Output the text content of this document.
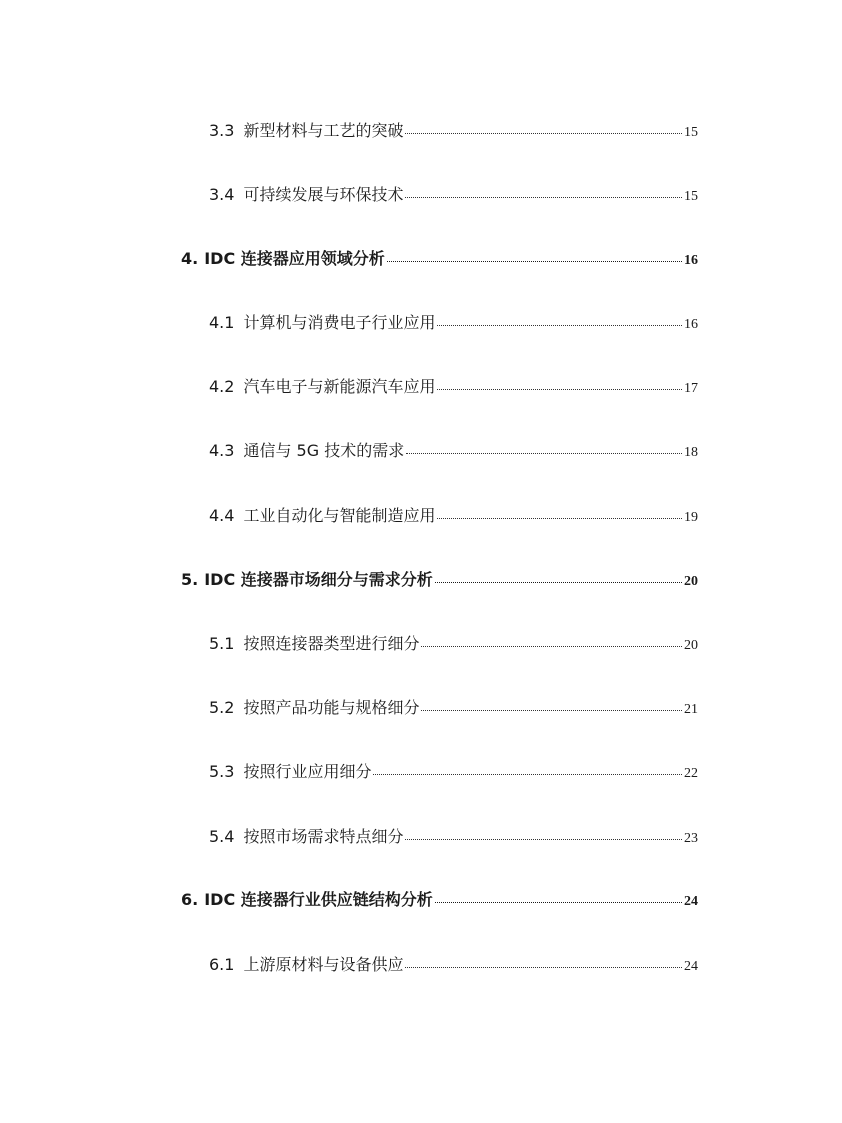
3.3 新型材料与工艺的突破	15
3.4 可持续发展与环保技术	15
4. IDC 连接器应用领域分析	16
4.1 计算机与消费电子行业应用	16
4.2 汽车电子与新能源汽车应用	17
4.3 通信与 5G 技术的需求	18
4.4 工业自动化与智能制造应用	19
5. IDC 连接器市场细分与需求分析	20
5.1 按照连接器类型进行细分	20
5.2 按照产品功能与规格细分	21
5.3 按照行业应用细分	22
5.4 按照市场需求特点细分	23
6. IDC 连接器行业供应链结构分析	24
6.1 上游原材料与设备供应	24
